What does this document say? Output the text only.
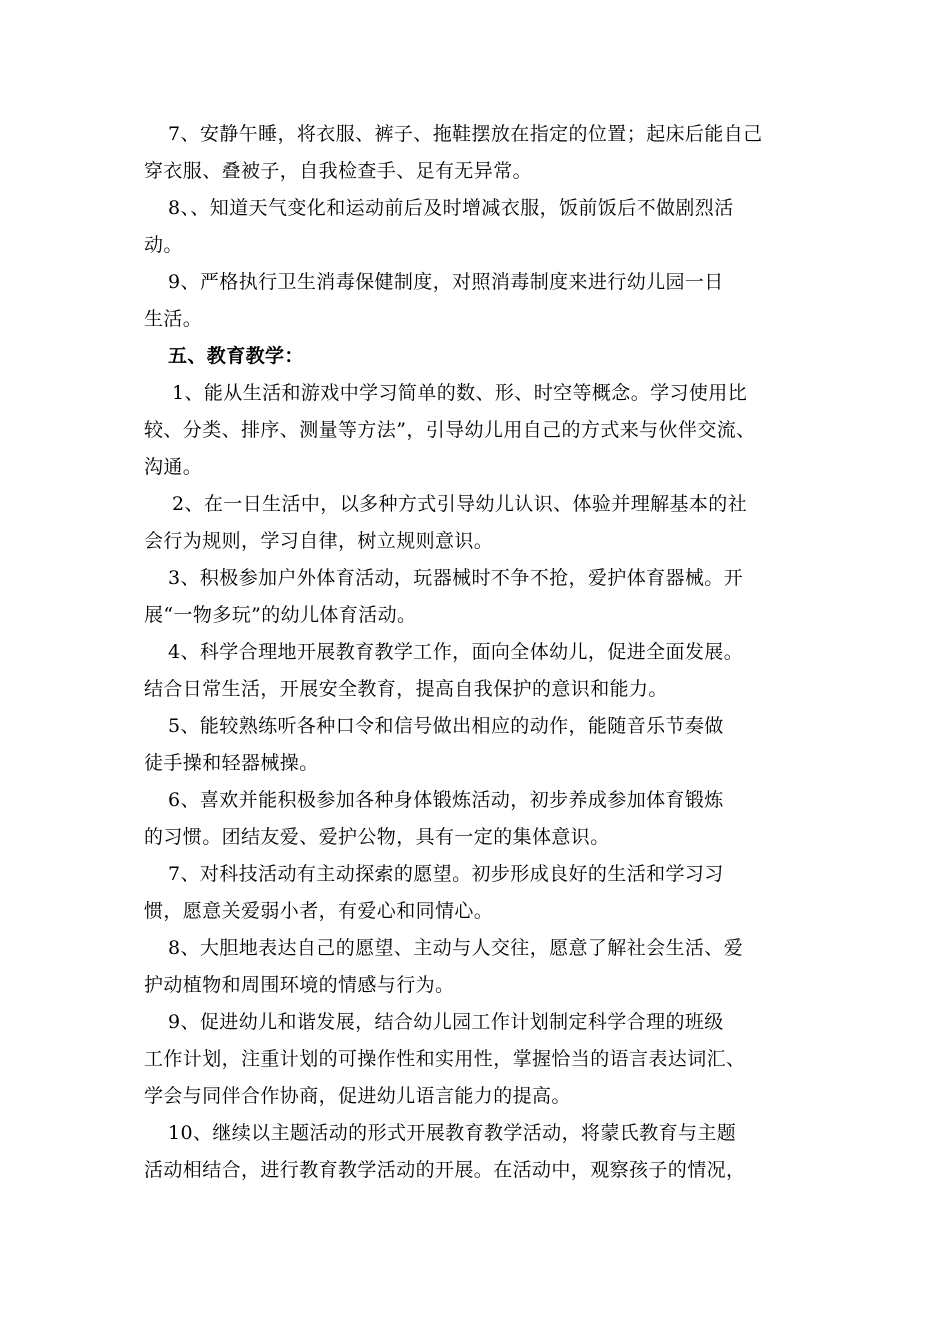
7、安静午睡，将衣服、裤子、拖鞋摆放在指定的位置；起床后能自己
穿衣服、叠被子，自我检查手、足有无异常。
8、、知道天气变化和运动前后及时增减衣服，饭前饭后不做剧烈活
动。
9、严格执行卫生消毒保健制度，对照消毒制度来进行幼儿园一日
生活。
五、教育教学：
1、能从生活和游戏中学习简单的数、形、时空等概念。学习使用比
较、分类、排序、测量等方法”，引导幼儿用自己的方式来与伙伴交流、
沟通。
2、在一日生活中，以多种方式引导幼儿认识、体验并理解基本的社
会行为规则，学习自律，树立规则意识。
3、积极参加户外体育活动，玩器械时不争不抢，爱护体育器械。开
展“一物多玩”的幼儿体育活动。
4、科学合理地开展教育教学工作，面向全体幼儿，促进全面发展。
结合日常生活，开展安全教育，提高自我保护的意识和能力。
5、能较熟练听各种口令和信号做出相应的动作，能随音乐节奏做
徒手操和轻器械操。
6、喜欢并能积极参加各种身体锻炼活动，初步养成参加体育锻炼
的习惯。团结友爱、爱护公物，具有一定的集体意识。
7、对科技活动有主动探索的愿望。初步形成良好的生活和学习习
惯，愿意关爱弱小者，有爱心和同情心。
8、大胆地表达自己的愿望、主动与人交往，愿意了解社会生活、爱
护动植物和周围环境的情感与行为。
9、促进幼儿和谐发展，结合幼儿园工作计划制定科学合理的班级
工作计划，注重计划的可操作性和实用性，掌握恰当的语言表达词汇、
学会与同伴合作协商，促进幼儿语言能力的提高。
10、继续以主题活动的形式开展教育教学活动，将蒙氏教育与主题
活动相结合，进行教育教学活动的开展。在活动中，观察孩子的情况，
